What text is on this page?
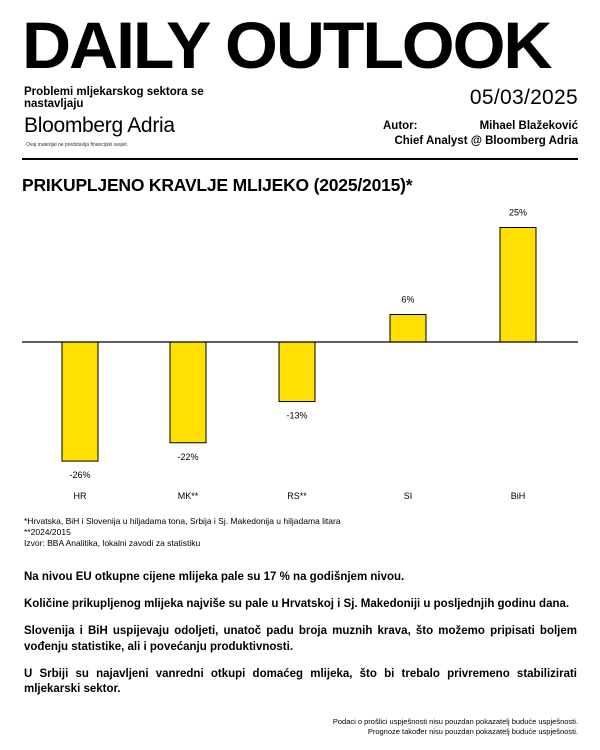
DAILY OUTLOOK
Problemi mljekarskog sektora se nastavljaju
Bloomberg Adria
Ovaj materijal ne predstavlja financijski savjet.
05/03/2025
Autor:	Mihael Blažeković
Chief Analyst @ Bloomberg Adria
PRIKUPLJENO KRAVLJE MLIJEKO (2025/2015)*
-26%
HR
-22%
MK**
-13%
RS**
6%
SI
25%
BiH
*Hrvatska, BiH i Slovenija u hiljadama tona, Srbija i Sj. Makedonija u hiljadama litara
**2024/2015
Izvor: BBA Analitika, lokalni zavodi za statistiku

Na nivou EU otkupne cijene mlijeka pale su 17 % na godišnjem nivou.

Količine prikupljenog mlijeka najviše su pale u Hrvatskoj i Sj. Makedoniji u posljednjih godinu dana.

Slovenija i BiH uspijevaju odoljeti, unatoč padu broja muznih krava, što možemo pripisati boljem vođenju statistike, ali i povećanju produktivnosti.

U Srbiji su najavljeni vanredni otkupi domaćeg mlijeka, što bi trebalo privremeno stabilizirati mljekarski sektor.

Podaci o prošlici uspješnosti nisu pouzdan pokazatelj buduće uspješnosti.
Prognoze također nisu pouzdan pokazatelj buduće uspješnosti.
